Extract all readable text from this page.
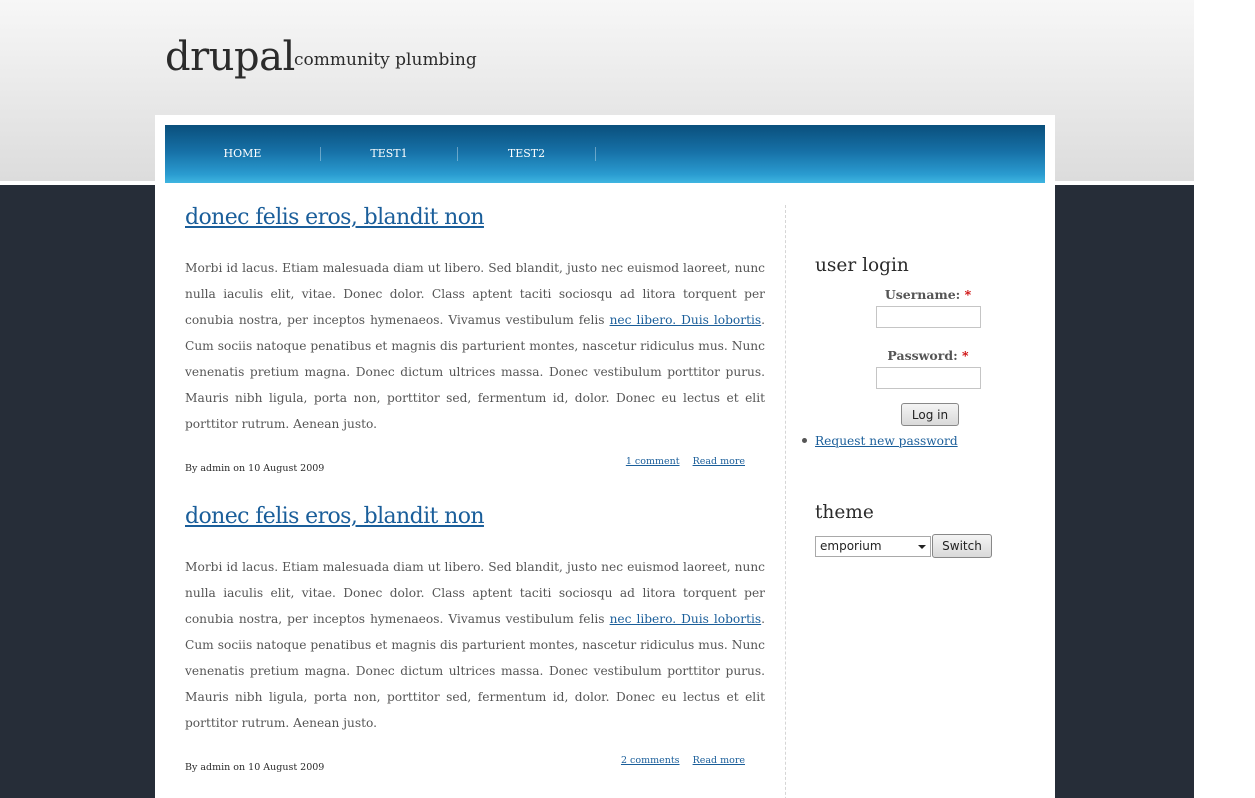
drupal community plumbing
HOME	TEST1	TEST2
donec felis eros, blandit non
Morbi id lacus. Etiam malesuada diam ut libero. Sed blandit, justo nec euismod laoreet, nunc nulla iaculis elit, vitae. Donec dolor. Class aptent taciti sociosqu ad litora torquent per conubia nostra, per inceptos hymenaeos. Vivamus vestibulum felis nec libero. Duis lobortis. Cum sociis natoque penatibus et magnis dis parturient montes, nascetur ridiculus mus. Nunc venenatis pretium magna. Donec dictum ultrices massa. Donec vestibulum porttitor purus. Mauris nibh ligula, porta non, porttitor sed, fermentum id, dolor. Donec eu lectus et elit porttitor rutrum. Aenean justo.
By admin on 10 August 2009
1 comment Read more
donec felis eros, blandit non
Morbi id lacus. Etiam malesuada diam ut libero. Sed blandit, justo nec euismod laoreet, nunc nulla iaculis elit, vitae. Donec dolor. Class aptent taciti sociosqu ad litora torquent per conubia nostra, per inceptos hymenaeos. Vivamus vestibulum felis nec libero. Duis lobortis. Cum sociis natoque penatibus et magnis dis parturient montes, nascetur ridiculus mus. Nunc venenatis pretium magna. Donec dictum ultrices massa. Donec vestibulum porttitor purus. Mauris nibh ligula, porta non, porttitor sed, fermentum id, dolor. Donec eu lectus et elit porttitor rutrum. Aenean justo.
By admin on 10 August 2009
2 comments Read more
user login
Username: *
Password: *
Log in
Request new password
theme
emporium	Switch
